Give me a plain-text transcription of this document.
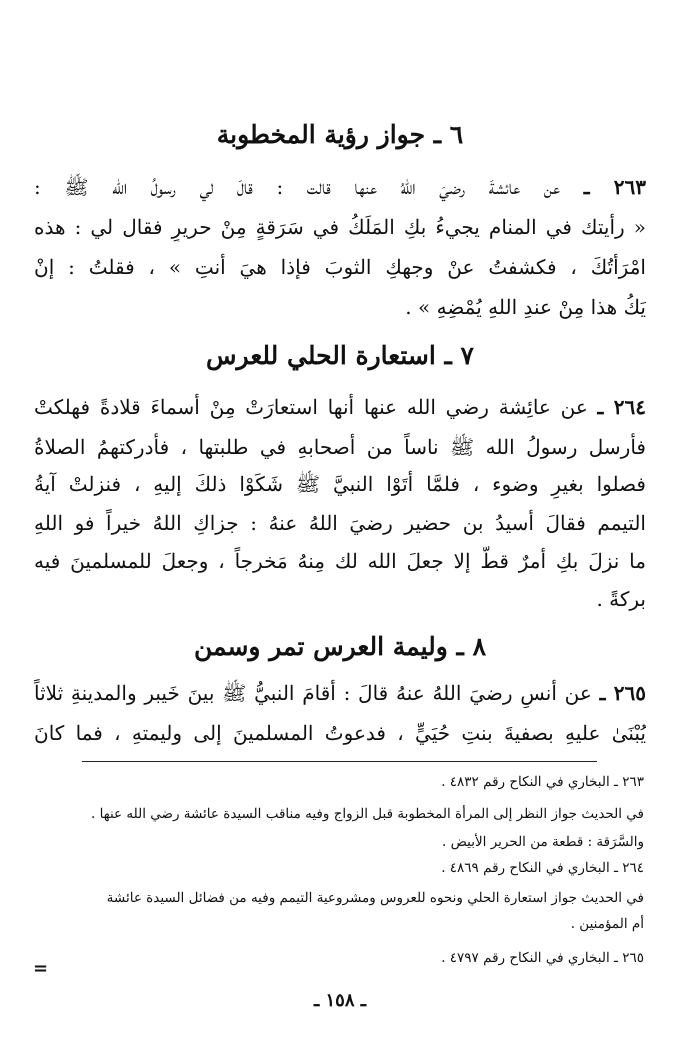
٦ ـ جواز رؤية المخطوبة
٢٦٣ ـ عن عائشةَ رضيَ اللهُ عنها قالت : قالَ لي رسولُ الله ﷺ :
« رأيتك في المنام يجيءُ بكِ المَلَكُ في سَرَقةٍ مِنْ حريرٍ فقال لي : هذه
امْرَأتُكَ ، فكشفتُ عنْ وجهكِ الثوبَ فإذا هيَ أنتِ » ، فقلتُ : إنْ
يَكُ هذا مِنْ عندِ اللهِ يُمْضِهِ » .
٧ ـ استعارة الحلي للعرس
٢٦٤ ـ عن عائِشة رضي الله عنها أنها استعارَتْ مِنْ أسماءَ قلادةً فهلكتْ
فأرسل رسولُ الله ﷺ ناساً من أصحابهِ في طلبتها ، فأدركتهمُ الصلاةُ
فصلوا بغيرِ وضوء ، فلمَّا أتَوْا النبيَّ ﷺ شَكَوْا ذلكَ إليهِ ، فنزلتْ آيةُ
التيمم فقالَ أسيدُ بن حضير رضيَ اللهُ عنهُ : جزاكِ اللهُ خيراً فو اللهِ
ما نزلَ بكِ أمرٌ قطُّ إلا جعلَ الله لك مِنهُ مَخرجاً ، وجعلَ للمسلمينَ فيه
بركةً .
٨ ـ وليمة العرس تمر وسمن
٢٦٥ ـ عن أنسٍ رضيَ اللهُ عنهُ قالَ : أقامَ النبيُّ ﷺ بينَ خَيبر والمدينةِ ثلاثاً
يُبْنَىٰ عليهِ بصفيةَ بنتِ حُيَيٍّ ، فدعوتُ المسلمينَ إلى وليمتهِ ، فما كانَ
٢٦٣ ـ البخاري في النكاح رقم ٤٨٣٢ .
في الحديث جواز النظر إلى المرأة المخطوبة قبل الزواج وفيه مناقب السيدة عائشة رضي الله عنها .
والسَّرَقة : قطعة من الحرير الأبيض .
٢٦٤ ـ البخاري في النكاح رقم ٤٨٦٩ .
في الحديث جواز استعارة الحلي ونحوه للعروس ومشروعية التيمم وفيه من فضائل السيدة عائشة
أم المؤمنين .
٢٦٥ ـ البخاري في النكاح رقم ٤٧٩٧ .
=
ـ ١٥٨ ـ
